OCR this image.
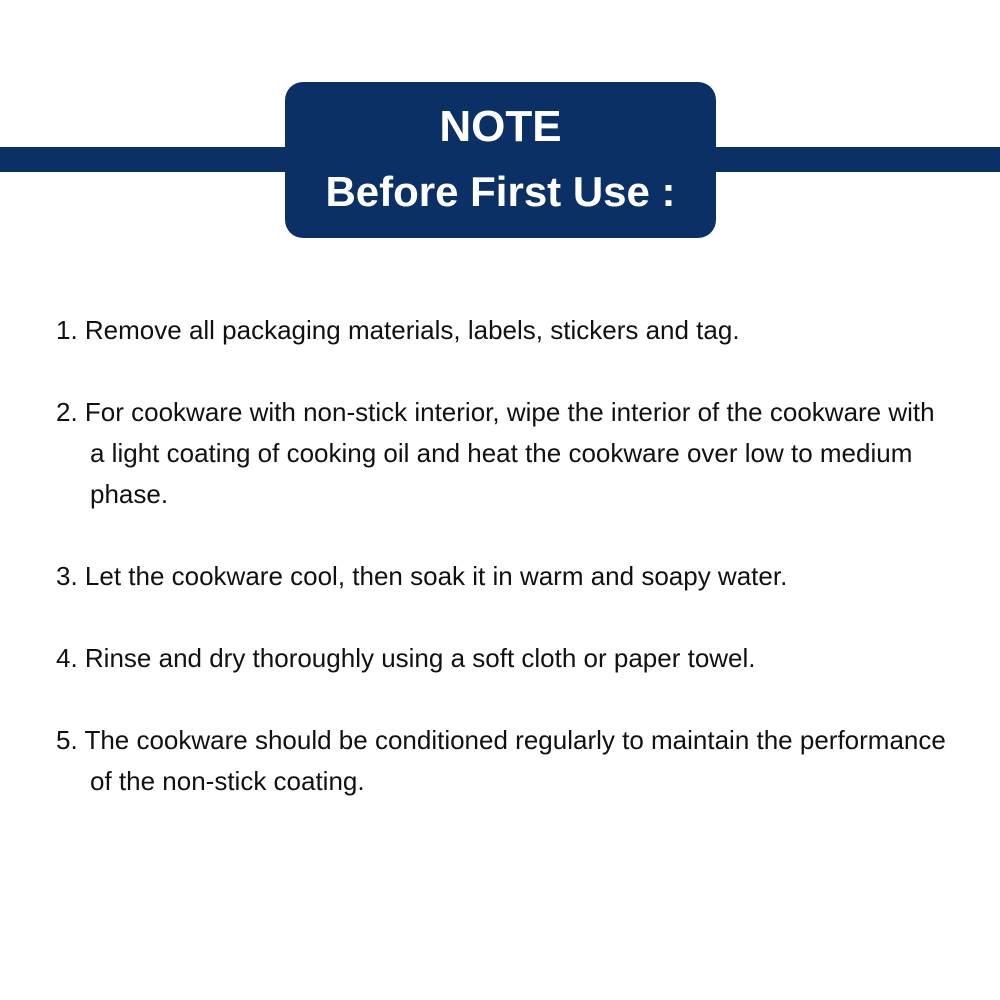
NOTE
Before First Use :
1. Remove all packaging materials, labels, stickers and tag.
2. For cookware with non-stick interior, wipe the interior of the cookware with a light coating of cooking oil and heat the cookware over low to medium phase.
3. Let the cookware cool, then soak it in warm and soapy water.
4. Rinse and dry thoroughly using a soft cloth or paper towel.
5. The cookware should be conditioned regularly to maintain the performance of the non-stick coating.
